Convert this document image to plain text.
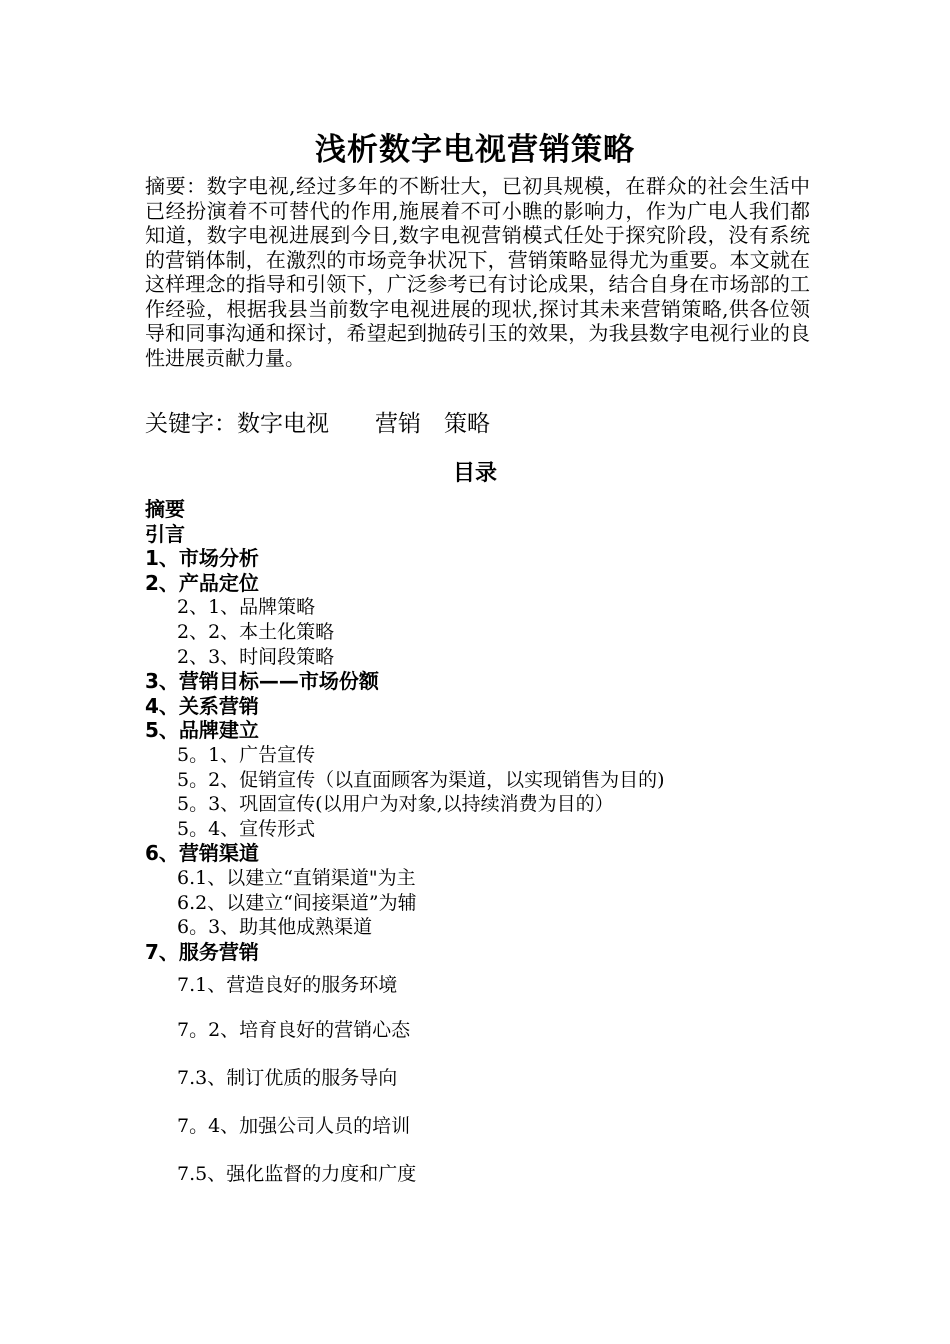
浅析数字电视营销策略

摘要：数字电视,经过多年的不断壮大，已初具规模，在群众的社会生活中已经扮演着不可替代的作用,施展着不可小瞧的影响力，作为广电人我们都知道，数字电视进展到今日,数字电视营销模式任处于探究阶段，没有系统的营销体制，在激烈的市场竞争状况下，营销策略显得尤为重要。本文就在这样理念的指导和引领下，广泛参考已有讨论成果，结合自身在市场部的工作经验，根据我县当前数字电视进展的现状,探讨其未来营销策略,供各位领导和同事沟通和探讨，希望起到抛砖引玉的效果，为我县数字电视行业的良性进展贡献力量。

关键字：数字电视　　营销　策略
目录
摘要
引言
1、市场分析
2、产品定位
2、1、品牌策略
2、2、本土化策略
2、3、时间段策略
3、营销目标——市场份额
4、关系营销
5、品牌建立
5。1、广告宣传
5。2、促销宣传（以直面顾客为渠道，以实现销售为目的)
5。3、巩固宣传(以用户为对象,以持续消费为目的）
5。4、宣传形式
6、营销渠道
6.1、以建立“直销渠道"为主
6.2、以建立“间接渠道”为辅
6。3、助其他成熟渠道
7、服务营销
7.1、营造良好的服务环境
7。2、培育良好的营销心态
7.3、制订优质的服务导向
7。4、加强公司人员的培训
7.5、强化监督的力度和广度
